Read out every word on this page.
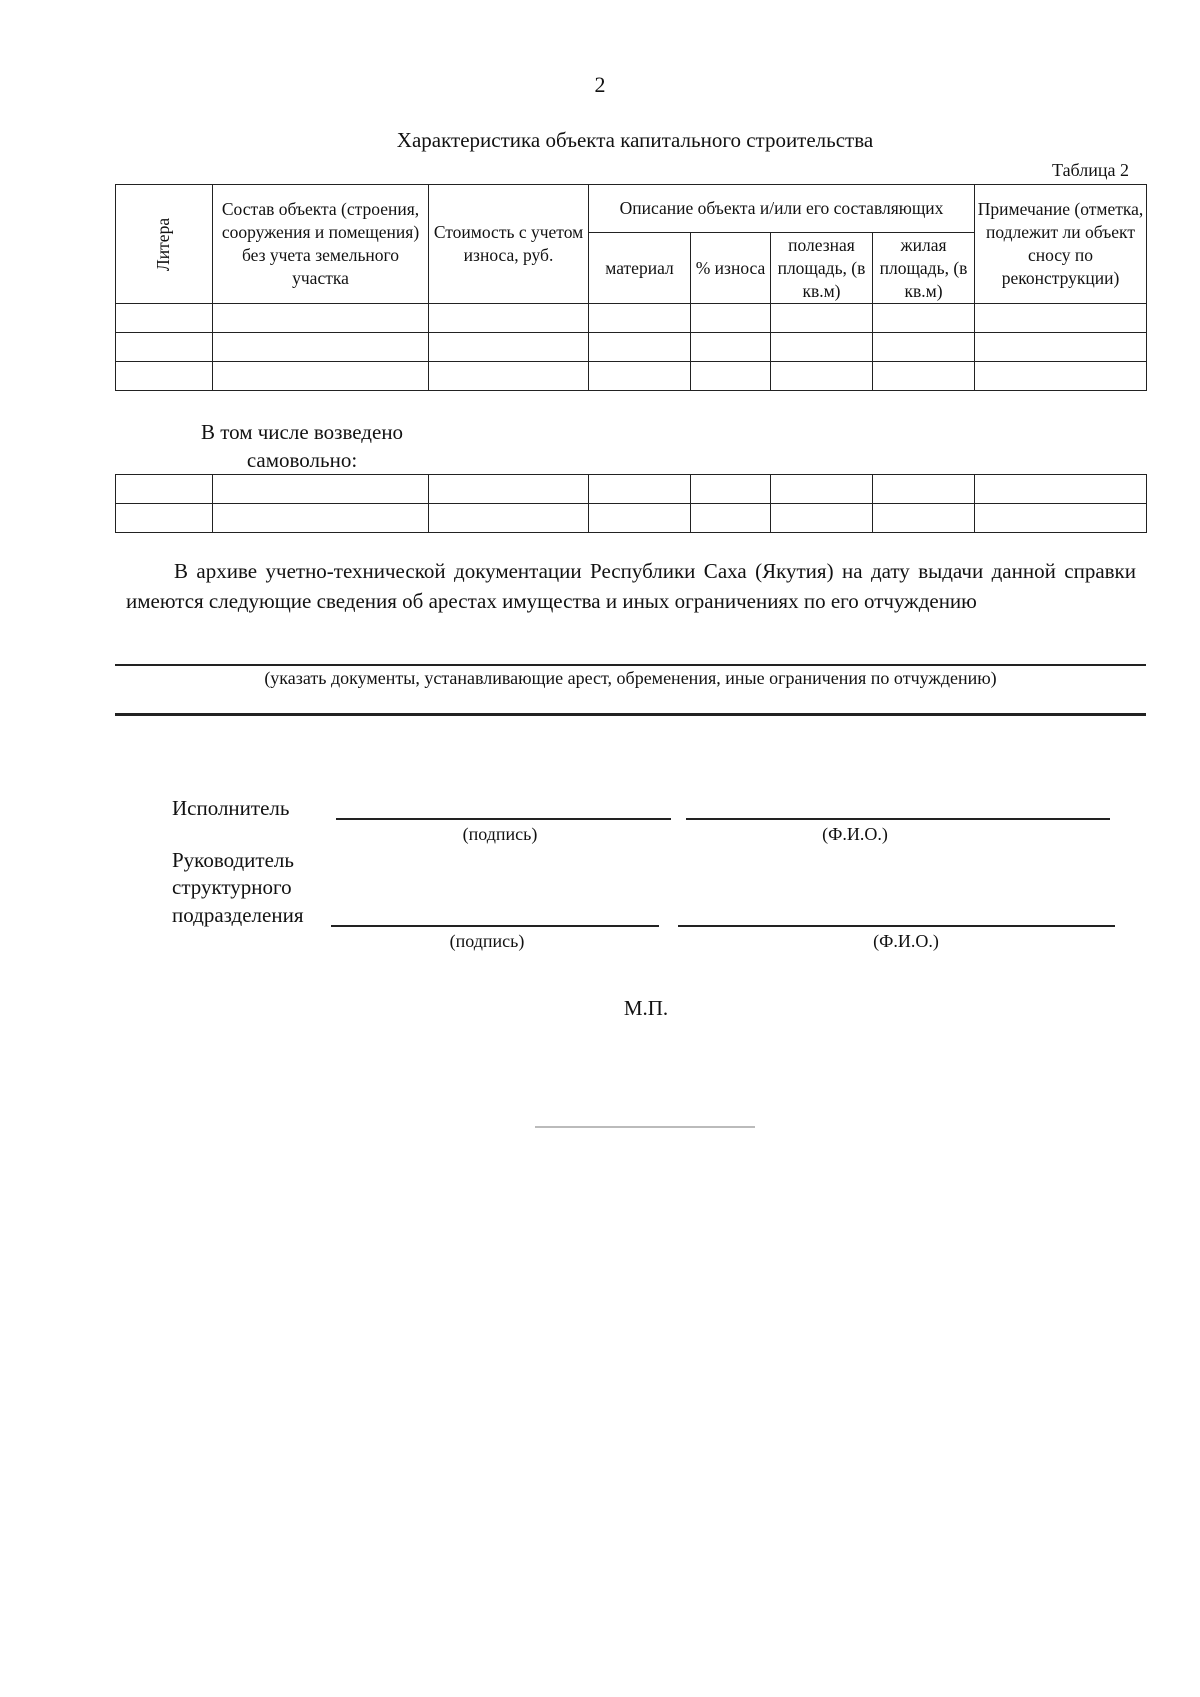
2
Характеристика объекта капитального строительства
Таблица 2
Литера	Состав объекта (строения, сооружения и помещения) без учета земельного участка	Стоимость с учетом износа, руб.	Описание объекта и/или его составляющих				Примечание (отметка, подлежит ли объект сносу по реконструкции)
			материал	% износа	полезная площадь, (в кв.м)	жилая площадь, (в кв.м)	

В том числе возведено самовольно:

В архиве учетно-технической документации Республики Саха (Якутия) на дату выдачи данной справки имеются следующие сведения об арестах имущества и иных ограничениях по его отчуждению
(указать документы, устанавливающие арест, обременения, иные ограничения по отчуждению)
Исполнитель
(подпись)	(Ф.И.О.)
Руководитель
структурного
подразделения
(подпись)	(Ф.И.О.)
М.П.
